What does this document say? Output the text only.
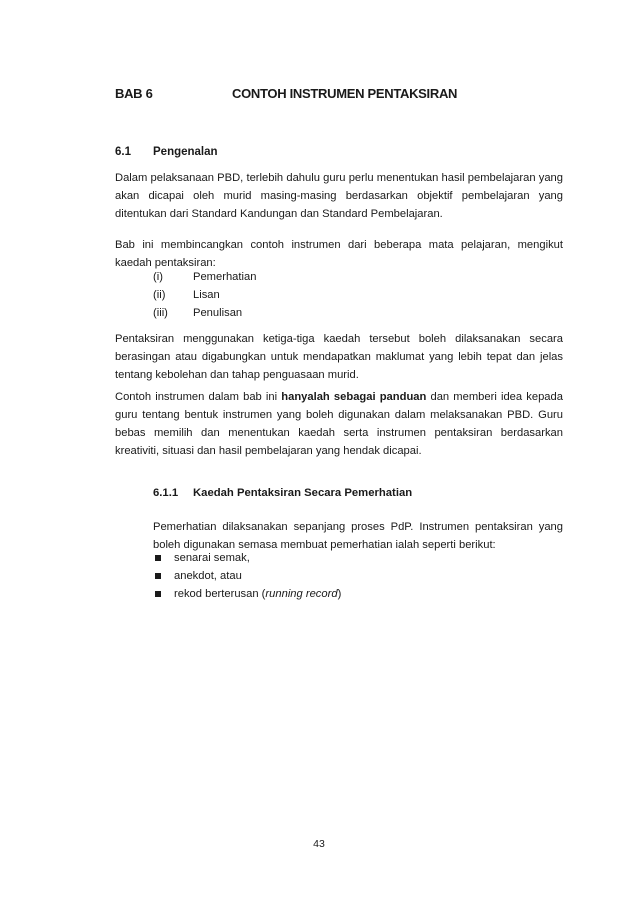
BAB 6	CONTOH INSTRUMEN PENTAKSIRAN
6.1 Pengenalan

Dalam pelaksanaan PBD, terlebih dahulu guru perlu menentukan hasil pembelajaran yang akan dicapai oleh murid masing-masing berdasarkan objektif pembelajaran yang ditentukan dari Standard Kandungan dan Standard Pembelajaran.

Bab ini membincangkan contoh instrumen dari beberapa mata pelajaran, mengikut kaedah pentaksiran:

(i)	Pemerhatian
(ii) Lisan
(iii) Penulisan

Pentaksiran menggunakan ketiga-tiga kaedah tersebut boleh dilaksanakan secara berasingan atau digabungkan untuk mendapatkan maklumat yang lebih tepat dan jelas tentang kebolehan dan tahap penguasaan murid.

Contoh instrumen dalam bab ini hanyalah sebagai panduan dan memberi idea kepada guru tentang bentuk instrumen yang boleh digunakan dalam melaksanakan PBD. Guru bebas memilih dan menentukan kaedah serta instrumen pentaksiran berdasarkan kreativiti, situasi dan hasil pembelajaran yang hendak dicapai.

6.1.1 Kaedah Pentaksiran Secara Pemerhatian

Pemerhatian dilaksanakan sepanjang proses PdP. Instrumen pentaksiran yang boleh digunakan semasa membuat pemerhatian ialah seperti berikut:

senarai semak,
anekdot, atau
rekod berterusan (running record)
43
